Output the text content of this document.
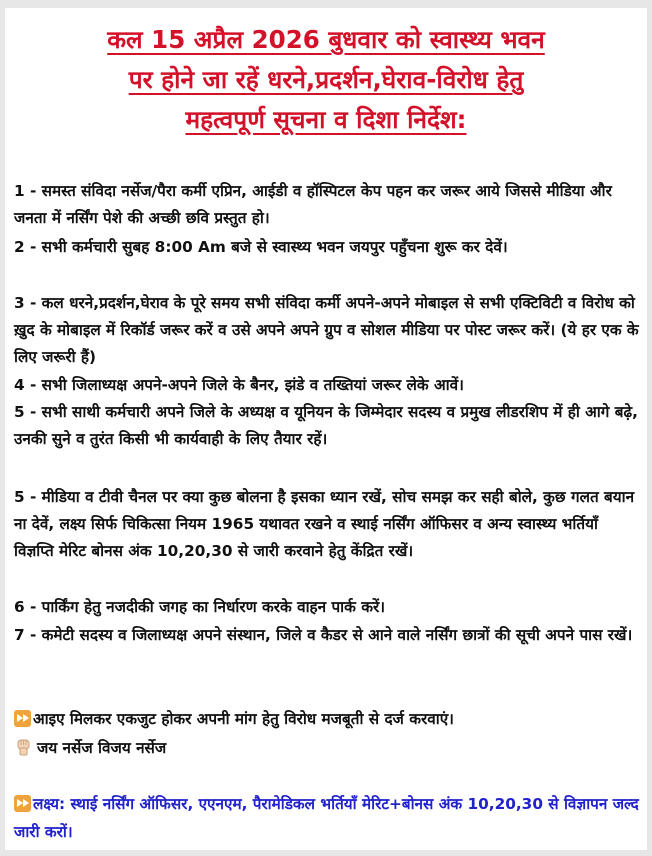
कल 15 अप्रैल 2026 बुधवार को स्वास्थ्य भवन
पर होने जा रहें धरने,प्रदर्शन,घेराव-विरोध हेतु
महत्वपूर्ण सूचना व दिशा निर्देश:
1 - समस्त संविदा नर्सेज/पैरा कर्मी एप्रिन, आईडी व हॉस्पिटल केप पहन कर जरूर आये जिससे मीडिया और जनता में नर्सिंग पेशे की अच्छी छवि प्रस्तुत हो।
2 - सभी कर्मचारी सुबह 8:00 Am बजे से स्वास्थ्य भवन जयपुर पहुँचना शुरू कर देवें।
3 - कल धरने,प्रदर्शन,घेराव के पूरे समय सभी संविदा कर्मी अपने-अपने मोबाइल से सभी एक्टिविटी व विरोध को ख़ुद के मोबाइल में रिकॉर्ड जरूर करें व उसे अपने अपने ग्रुप व सोशल मीडिया पर पोस्ट जरूर करें। (ये हर एक के लिए जरूरी हैं)
4 - सभी जिलाध्यक्ष अपने-अपने जिले के बैनर, झंडे व तख्तियां जरूर लेके आवें।
5 - सभी साथी कर्मचारी अपने जिले के अध्यक्ष व यूनियन के जिम्मेदार सदस्य व प्रमुख लीडरशिप में ही आगे बढ़े, उनकी सुने व तुरंत किसी भी कार्यवाही के लिए तैयार रहें।
5 - मीडिया व टीवी चैनल पर क्या कुछ बोलना है इसका ध्यान रखें, सोच समझ कर सही बोले, कुछ गलत बयान ना देवें, लक्ष्य सिर्फ चिकित्सा नियम 1965 यथावत रखने व स्थाई नर्सिंग ऑफिसर व अन्य स्वास्थ्य भर्तियाँ विज्ञप्ति मेरिट बोनस अंक 10,20,30 से जारी करवाने हेतु केंद्रित रखें।
6 - पार्किंग हेतु नजदीकी जगह का निर्धारण करके वाहन पार्क करें।
7 - कमेटी सदस्य व जिलाध्यक्ष अपने संस्थान, जिले व कैडर से आने वाले नर्सिंग छात्रों की सूची अपने पास रखें।
आइए मिलकर एकजुट होकर अपनी मांग हेतु विरोध मजबूती से दर्ज करवाएं।
जय नर्सेज विजय नर्सेज
लक्ष्य: स्थाई नर्सिंग ऑफिसर, एएनएम, पैरामेडिकल भर्तियाँ मेरिट+बोनस अंक 10,20,30 से विज्ञापन जल्द जारी करों।
